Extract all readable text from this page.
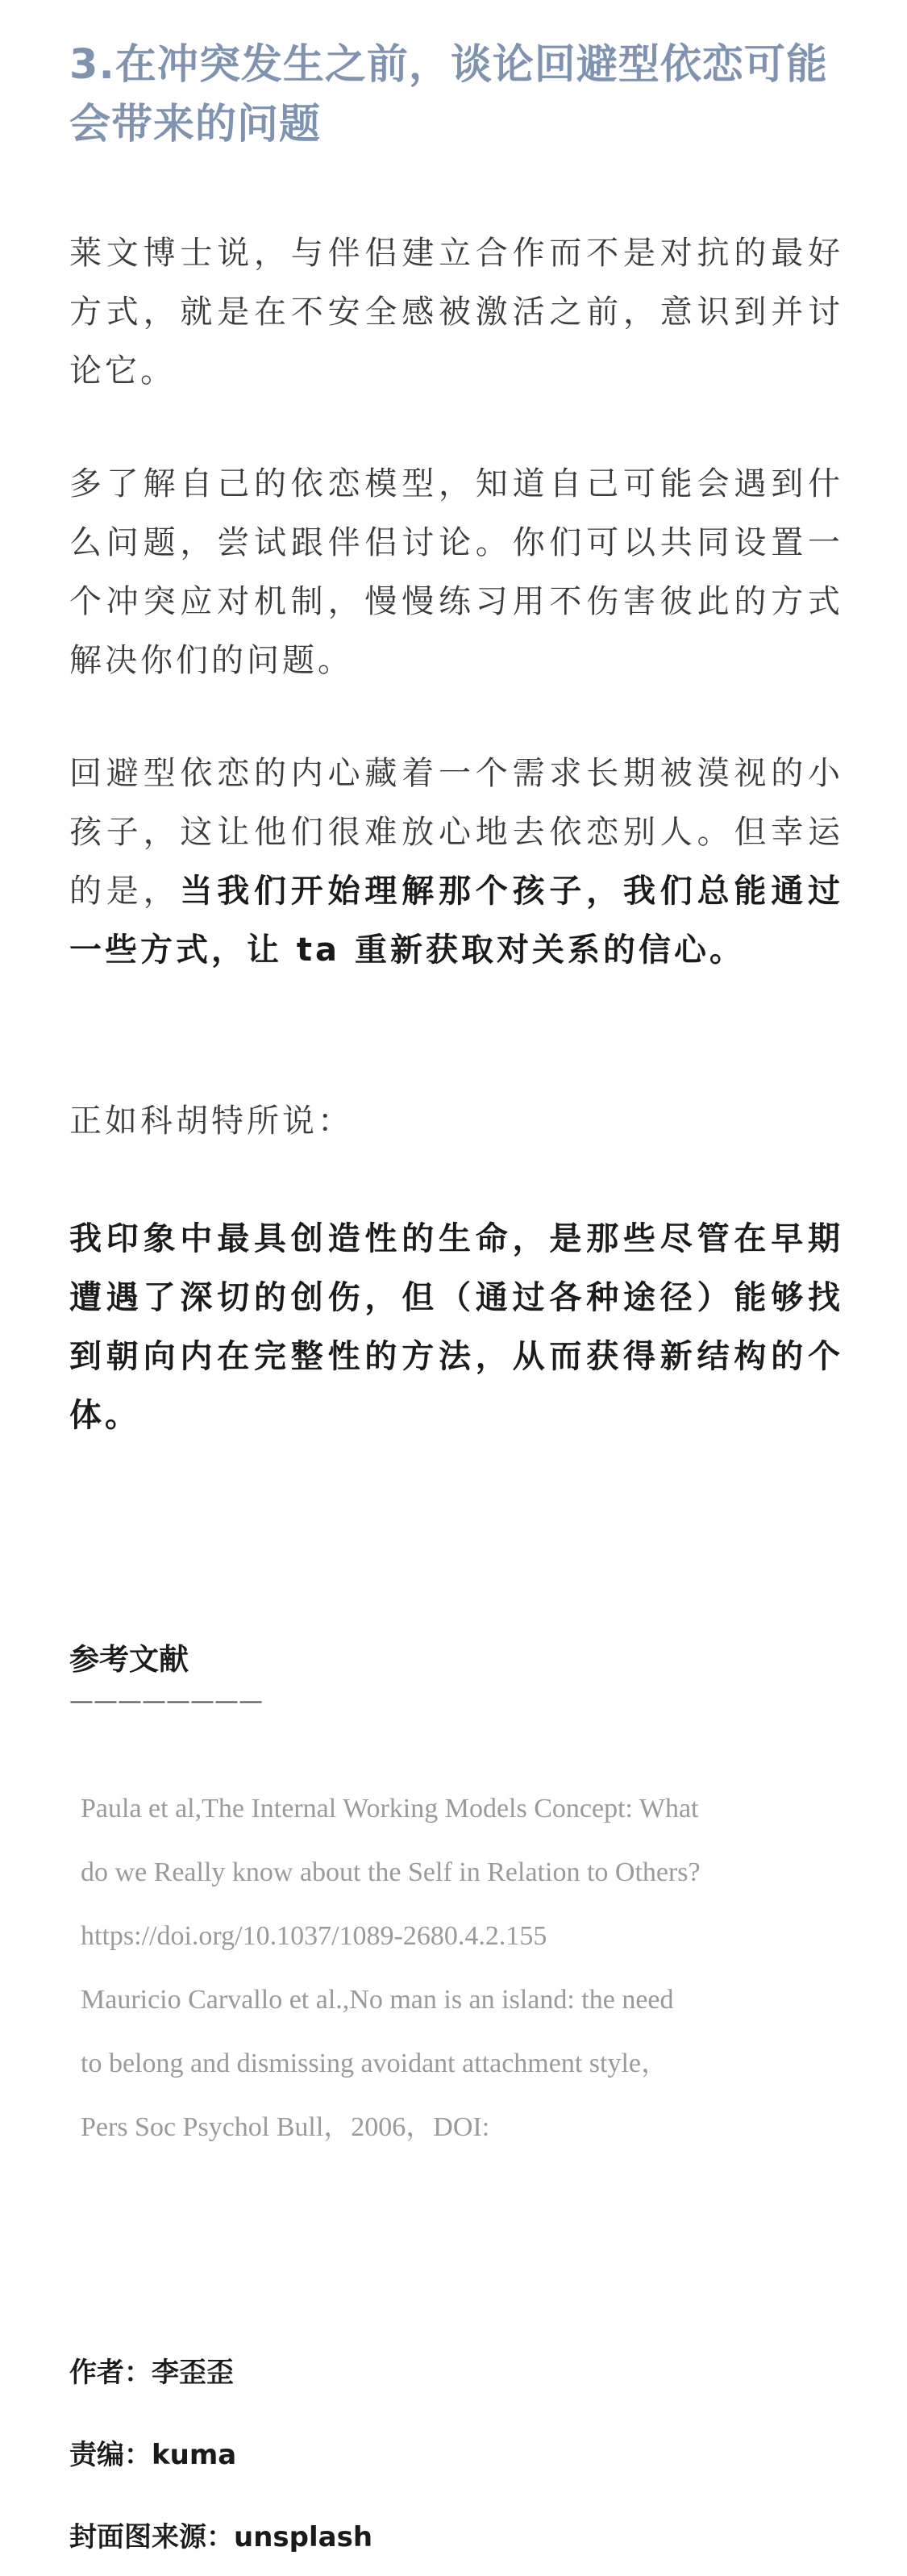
3.在冲突发生之前，谈论回避型依恋可能会带来的问题

莱文博士说，与伴侣建立合作而不是对抗的最好方式，就是在不安全感被激活之前，意识到并讨论它。

多了解自己的依恋模型，知道自己可能会遇到什么问题，尝试跟伴侣讨论。你们可以共同设置一个冲突应对机制，慢慢练习用不伤害彼此的方式解决你们的问题。

回避型依恋的内心藏着一个需求长期被漠视的小孩子，这让他们很难放心地去依恋别人。但幸运的是，当我们开始理解那个孩子，我们总能通过一些方式，让 ta 重新获取对关系的信心。

正如科胡特所说：

我印象中最具创造性的生命，是那些尽管在早期遭遇了深切的创伤，但（通过各种途径）能够找到朝向内在完整性的方法，从而获得新结构的个体。

参考文献
————————
Paula et al,The Internal Working Models Concept: What
do we Really know about the Self in Relation to Others?
https://doi.org/10.1037/1089-2680.4.2.155
Mauricio Carvallo et al.,No man is an island: the need
to belong and dismissing avoidant attachment style，
Pers Soc Psychol Bull，2006，DOI:

作者：李歪歪

责编：kuma

封面图来源：unsplash
